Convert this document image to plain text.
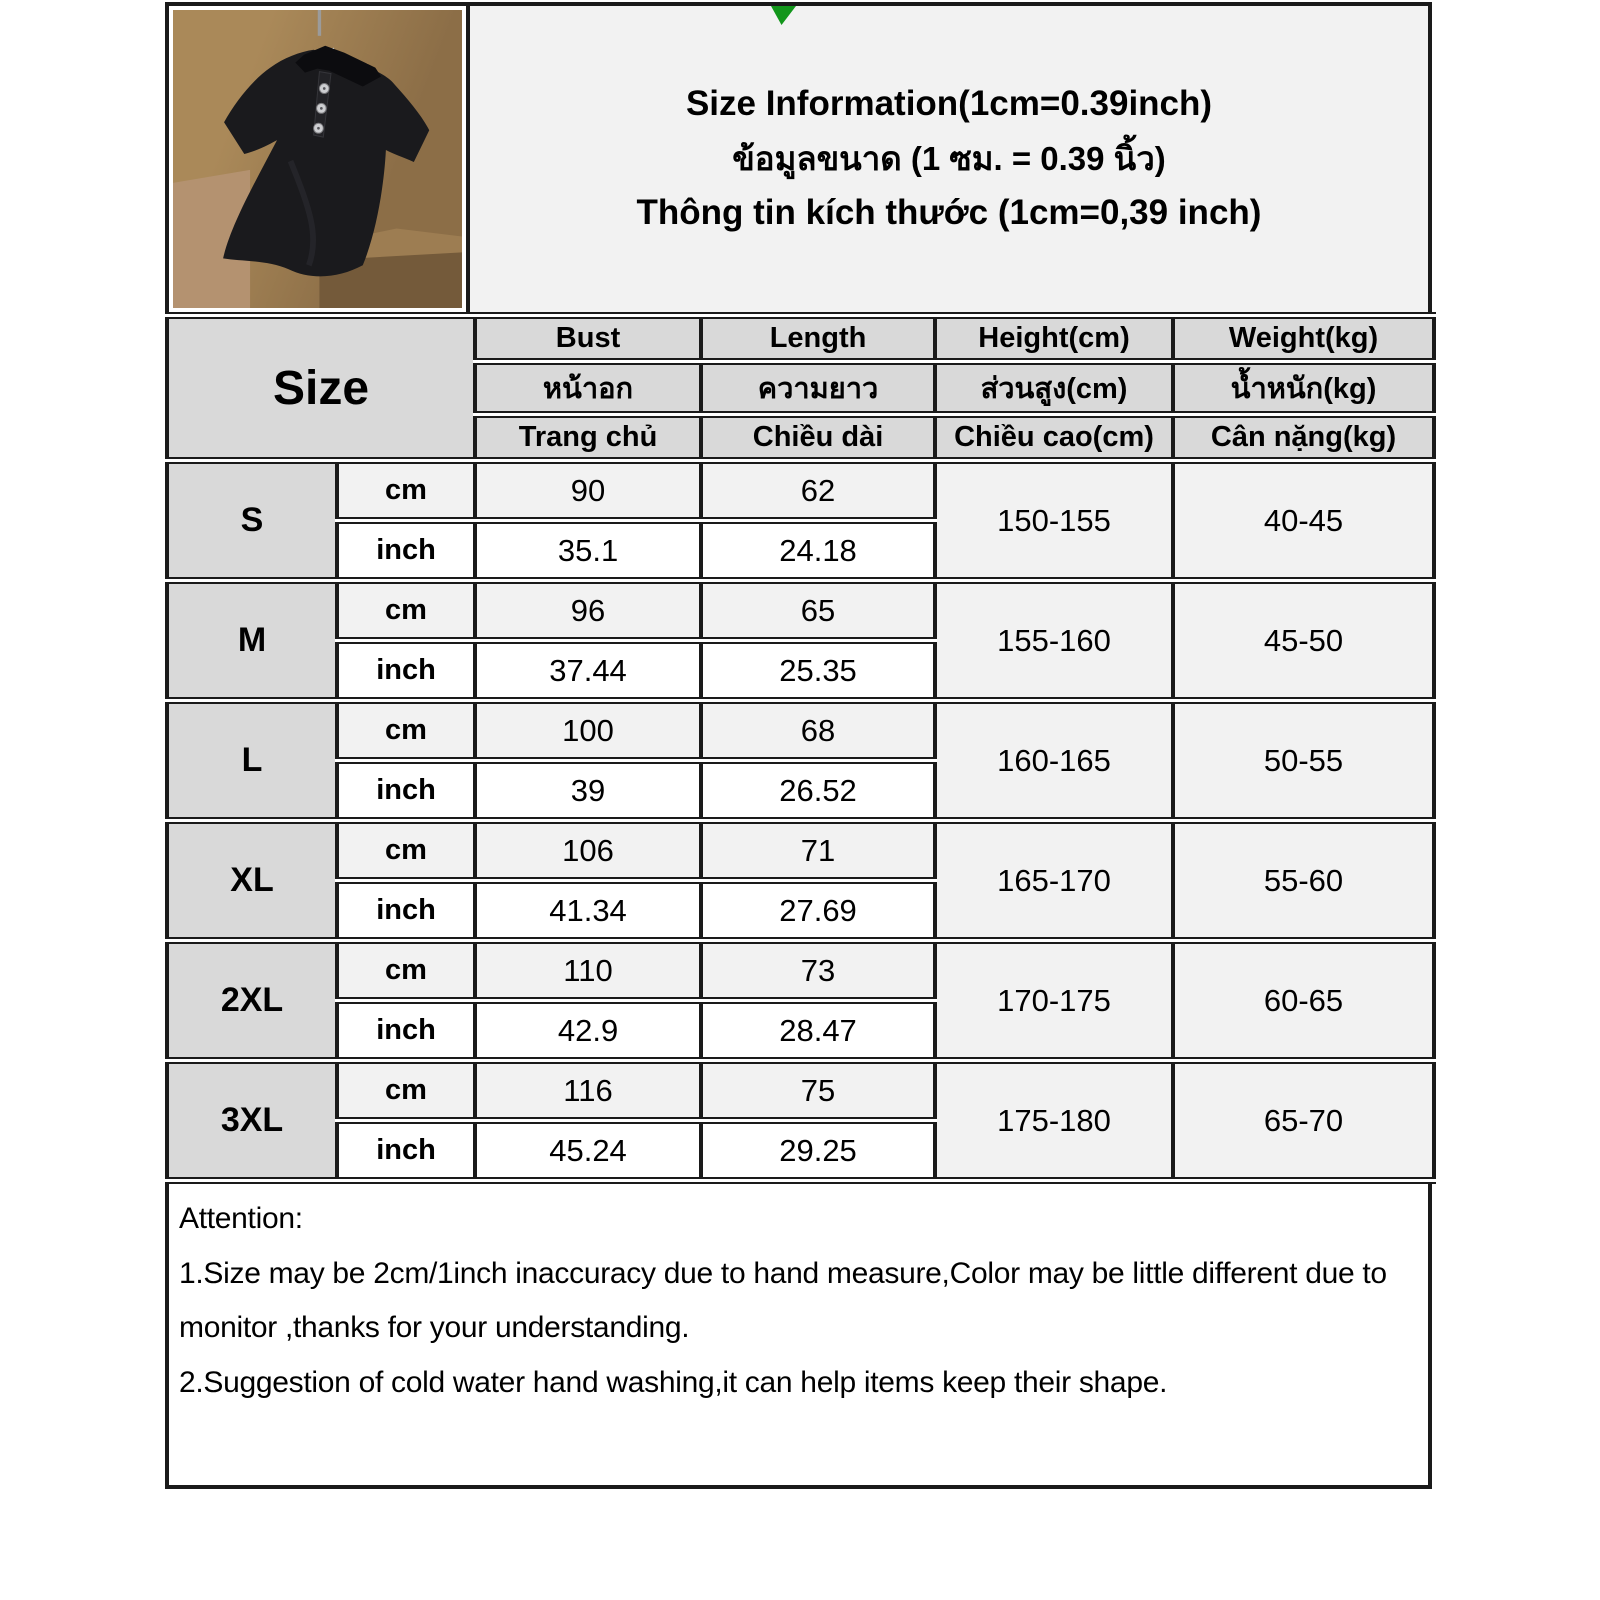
Size Information(1cm=0.39inch)
ข้อมูลขนาด (1 ซม. = 0.39 นิ้ว)
Thông tin kích thước (1cm=0,39 inch)
Size		Bust	Length	Height(cm)	Weight(kg)
		หน้าอก	ความยาว	ส่วนสูง(cm)	น้ำหนัก(kg)
		Trang chủ	Chiều dài	Chiều cao(cm)	Cân nặng(kg)
S	cm	90	62	150-155	40-45
	inch	35.1	24.18		
M	cm	96	65	155-160	45-50
	inch	37.44	25.35		
L	cm	100	68	160-165	50-55
	inch	39	26.52		
XL	cm	106	71	165-170	55-60
	inch	41.34	27.69		
2XL	cm	110	73	170-175	60-65
	inch	42.9	28.47		
3XL	cm	116	75	175-180	65-70
	inch	45.24	29.25		
Attention:
1.Size may be 2cm/1inch inaccuracy due to hand measure,Color may be little different due to monitor ,thanks for your understanding.
2.Suggestion of cold water hand washing,it can help items keep their shape.
